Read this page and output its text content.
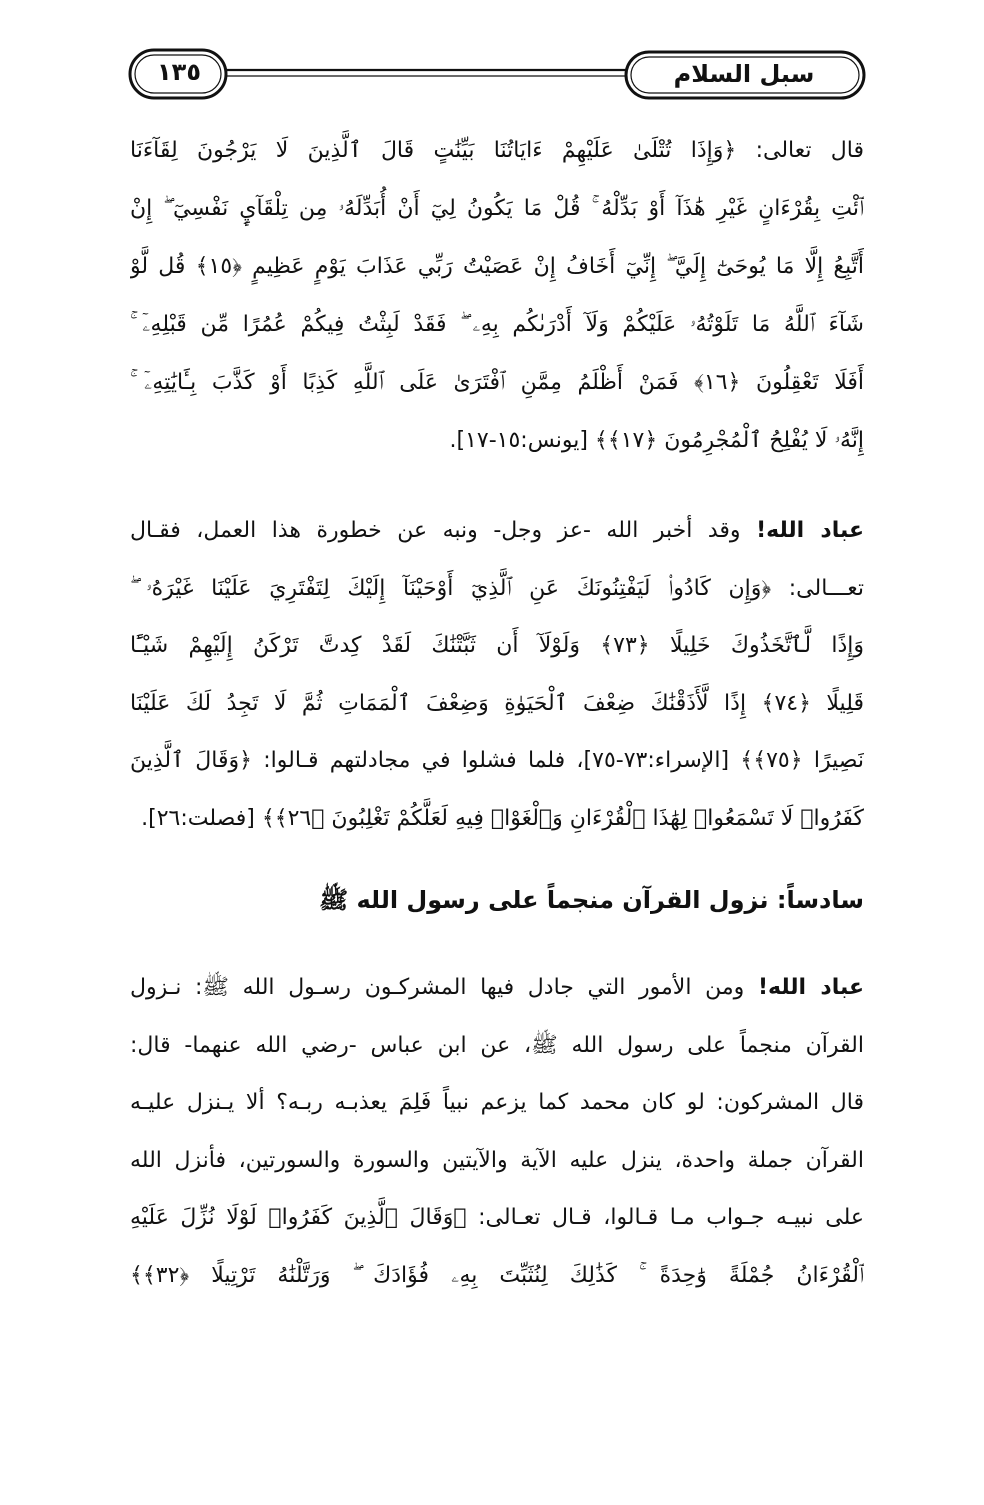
سبل السلام
١٣٥

قال تعالى: ﴿وَإِذَا تُتْلَىٰ عَلَيْهِمْ ءَايَاتُنَا بَيِّنَٰتٍ قَالَ ٱلَّذِينَ لَا يَرْجُونَ لِقَآءَنَا

ٱئْتِ بِقُرْءَانٍ غَيْرِ هَٰذَآ أَوْ بَدِّلْهُ ۚ قُلْ مَا يَكُونُ لِيٓ أَنْ أُبَدِّلَهُۥ مِن تِلْقَآيِٕ نَفْسِيٓ ۖ إِنْ

أَتَّبِعُ إِلَّا مَا يُوحَىٰٓ إِلَيَّ ۖ إِنِّيٓ أَخَافُ إِنْ عَصَيْتُ رَبِّي عَذَابَ يَوْمٍ عَظِيمٍ ﴿١٥﴾ قُل لَّوْ

شَآءَ ٱللَّهُ مَا تَلَوْتُهُۥ عَلَيْكُمْ وَلَآ أَدْرَىٰكُم بِهِۦ ۖ فَقَدْ لَبِثْتُ فِيكُمْ عُمُرًا مِّن قَبْلِهِۦٓ ۚ

أَفَلَا تَعْقِلُونَ ﴿١٦﴾ فَمَنْ أَظْلَمُ مِمَّنِ ٱفْتَرَىٰ عَلَى ٱللَّهِ كَذِبًا أَوْ كَذَّبَ بِـَٔايَٰتِهِۦٓ ۚ

إِنَّهُۥ لَا يُفْلِحُ ٱلْمُجْرِمُونَ ﴿١٧﴾﴾ [يونس:١٥-١٧].

عباد الله! وقد أخبر الله -عز وجل- ونبه عن خطورة هذا العمل، فقـال

تعـــالى: ﴿وَإِن كَادُوا۟ لَيَفْتِنُونَكَ عَنِ ٱلَّذِيٓ أَوْحَيْنَآ إِلَيْكَ لِتَفْتَرِيَ عَلَيْنَا غَيْرَهُۥ ۖ

وَإِذًا لَّٱتَّخَذُوكَ خَلِيلًا ﴿٧٣﴾ وَلَوْلَآ أَن ثَبَّتْنَٰكَ لَقَدْ كِدتَّ تَرْكَنُ إِلَيْهِمْ شَيْـًٔا

قَلِيلًا ﴿٧٤﴾ إِذًا لَّأَذَقْنَٰكَ ضِعْفَ ٱلْحَيَوٰةِ وَضِعْفَ ٱلْمَمَاتِ ثُمَّ لَا تَجِدُ لَكَ عَلَيْنَا

نَصِيرًا ﴿٧٥﴾﴾ [الإسراء:٧٣-٧٥]، فلما فشلوا في مجادلتهم قـالوا: ﴿وَقَالَ ٱلَّذِينَ

كَفَرُوا۟ لَا تَسْمَعُوا۟ لِهَٰذَا ٱلْقُرْءَانِ وَٱلْغَوْا۟ فِيهِ لَعَلَّكُمْ تَغْلِبُونَ ﴿٢٦﴾﴾ [فصلت:٢٦].

سادساً: نزول القرآن منجماً على رسول الله ﷺ

عباد الله! ومن الأمور التي جادل فيها المشركـون رسـول الله ﷺ: نـزول

القرآن منجماً على رسول الله ﷺ، عن ابن عباس -رضي الله عنهما- قال:

قال المشركون: لو كان محمد كما يزعم نبياً فَلِمَ يعذبـه ربـه؟ ألا يـنزل عليـه

القرآن جملة واحدة، ينزل عليه الآية والآيتين والسورة والسورتين، فأنزل الله

على نبيـه جـواب مـا قـالوا، قـال تعـالى: ﴿وَقَالَ ٱلَّذِينَ كَفَرُوا۟ لَوْلَا نُزِّلَ عَلَيْهِ

ٱلْقُرْءَانُ جُمْلَةً وَٰحِدَةً ۚ كَذَٰلِكَ لِنُثَبِّتَ بِهِۦ فُؤَادَكَ ۖ وَرَتَّلْنَٰهُ تَرْتِيلًا ﴿٣٢﴾﴾
